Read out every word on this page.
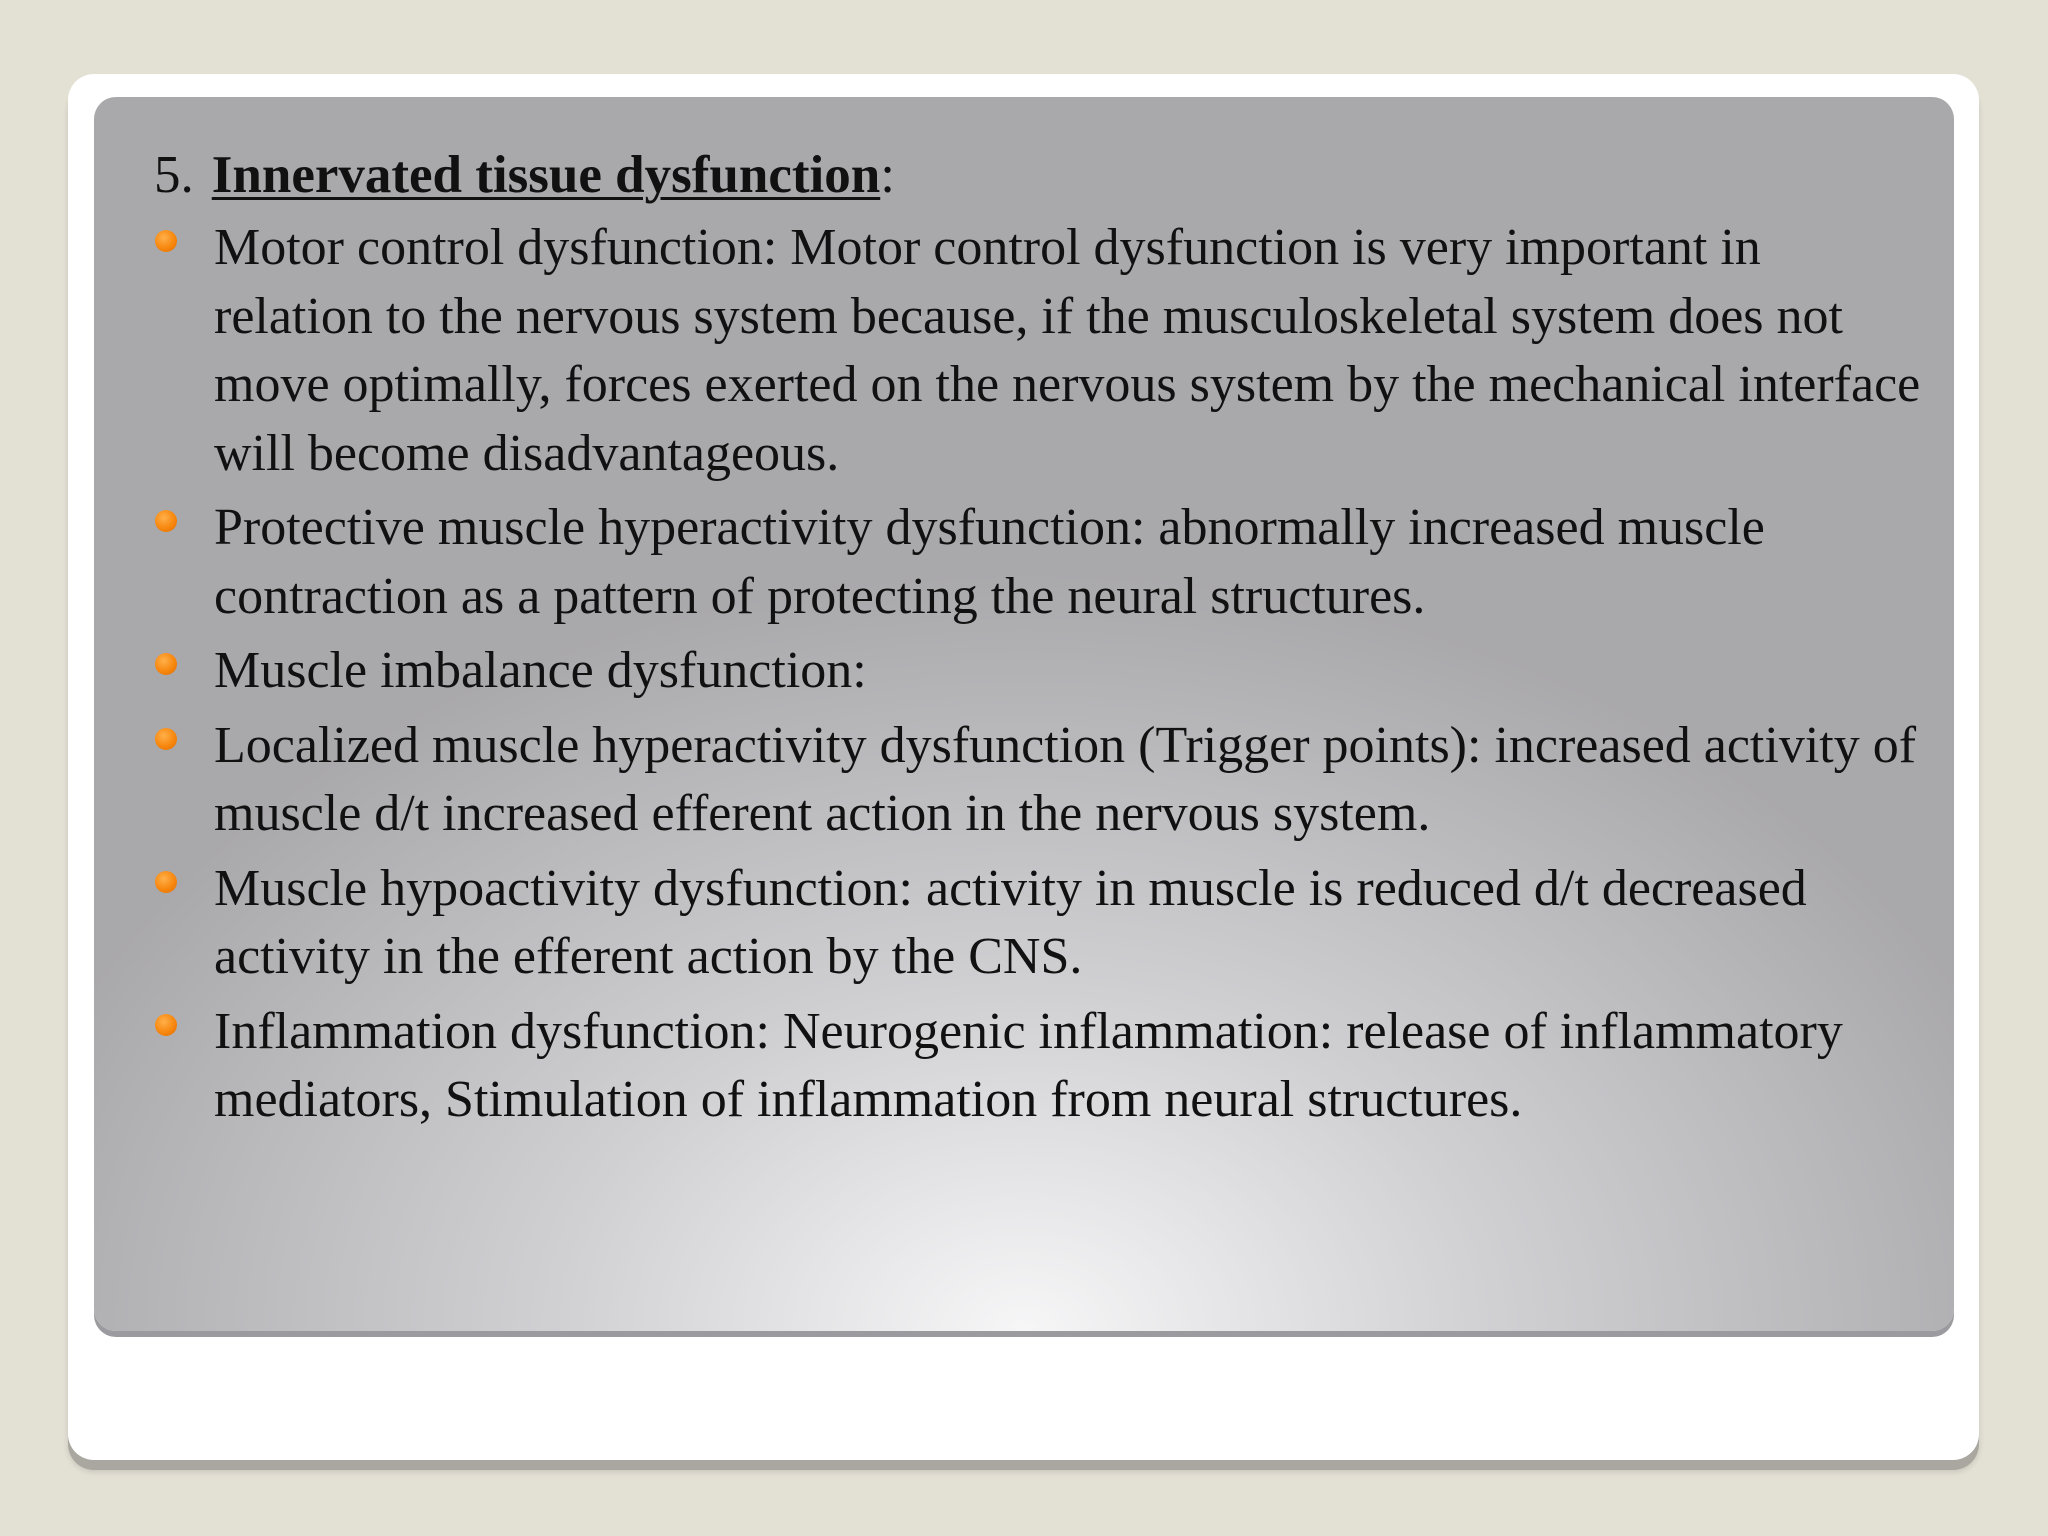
5. Innervated tissue dysfunction:
Motor control dysfunction: Motor control dysfunction is very important in relation to the nervous system because, if the musculoskeletal system does not move optimally, forces exerted on the nervous system by the mechanical interface will become disadvantageous.
Protective muscle hyperactivity dysfunction: abnormally increased muscle contraction as a pattern of protecting the neural structures.
Muscle imbalance dysfunction:
Localized muscle hyperactivity dysfunction (Trigger points): increased activity of muscle d/t increased efferent action in the nervous system.
Muscle hypoactivity dysfunction: activity in muscle is reduced d/t decreased activity in the efferent action by the CNS.
Inflammation dysfunction: Neurogenic inflammation: release of inflammatory mediators, Stimulation of inflammation from neural structures.
